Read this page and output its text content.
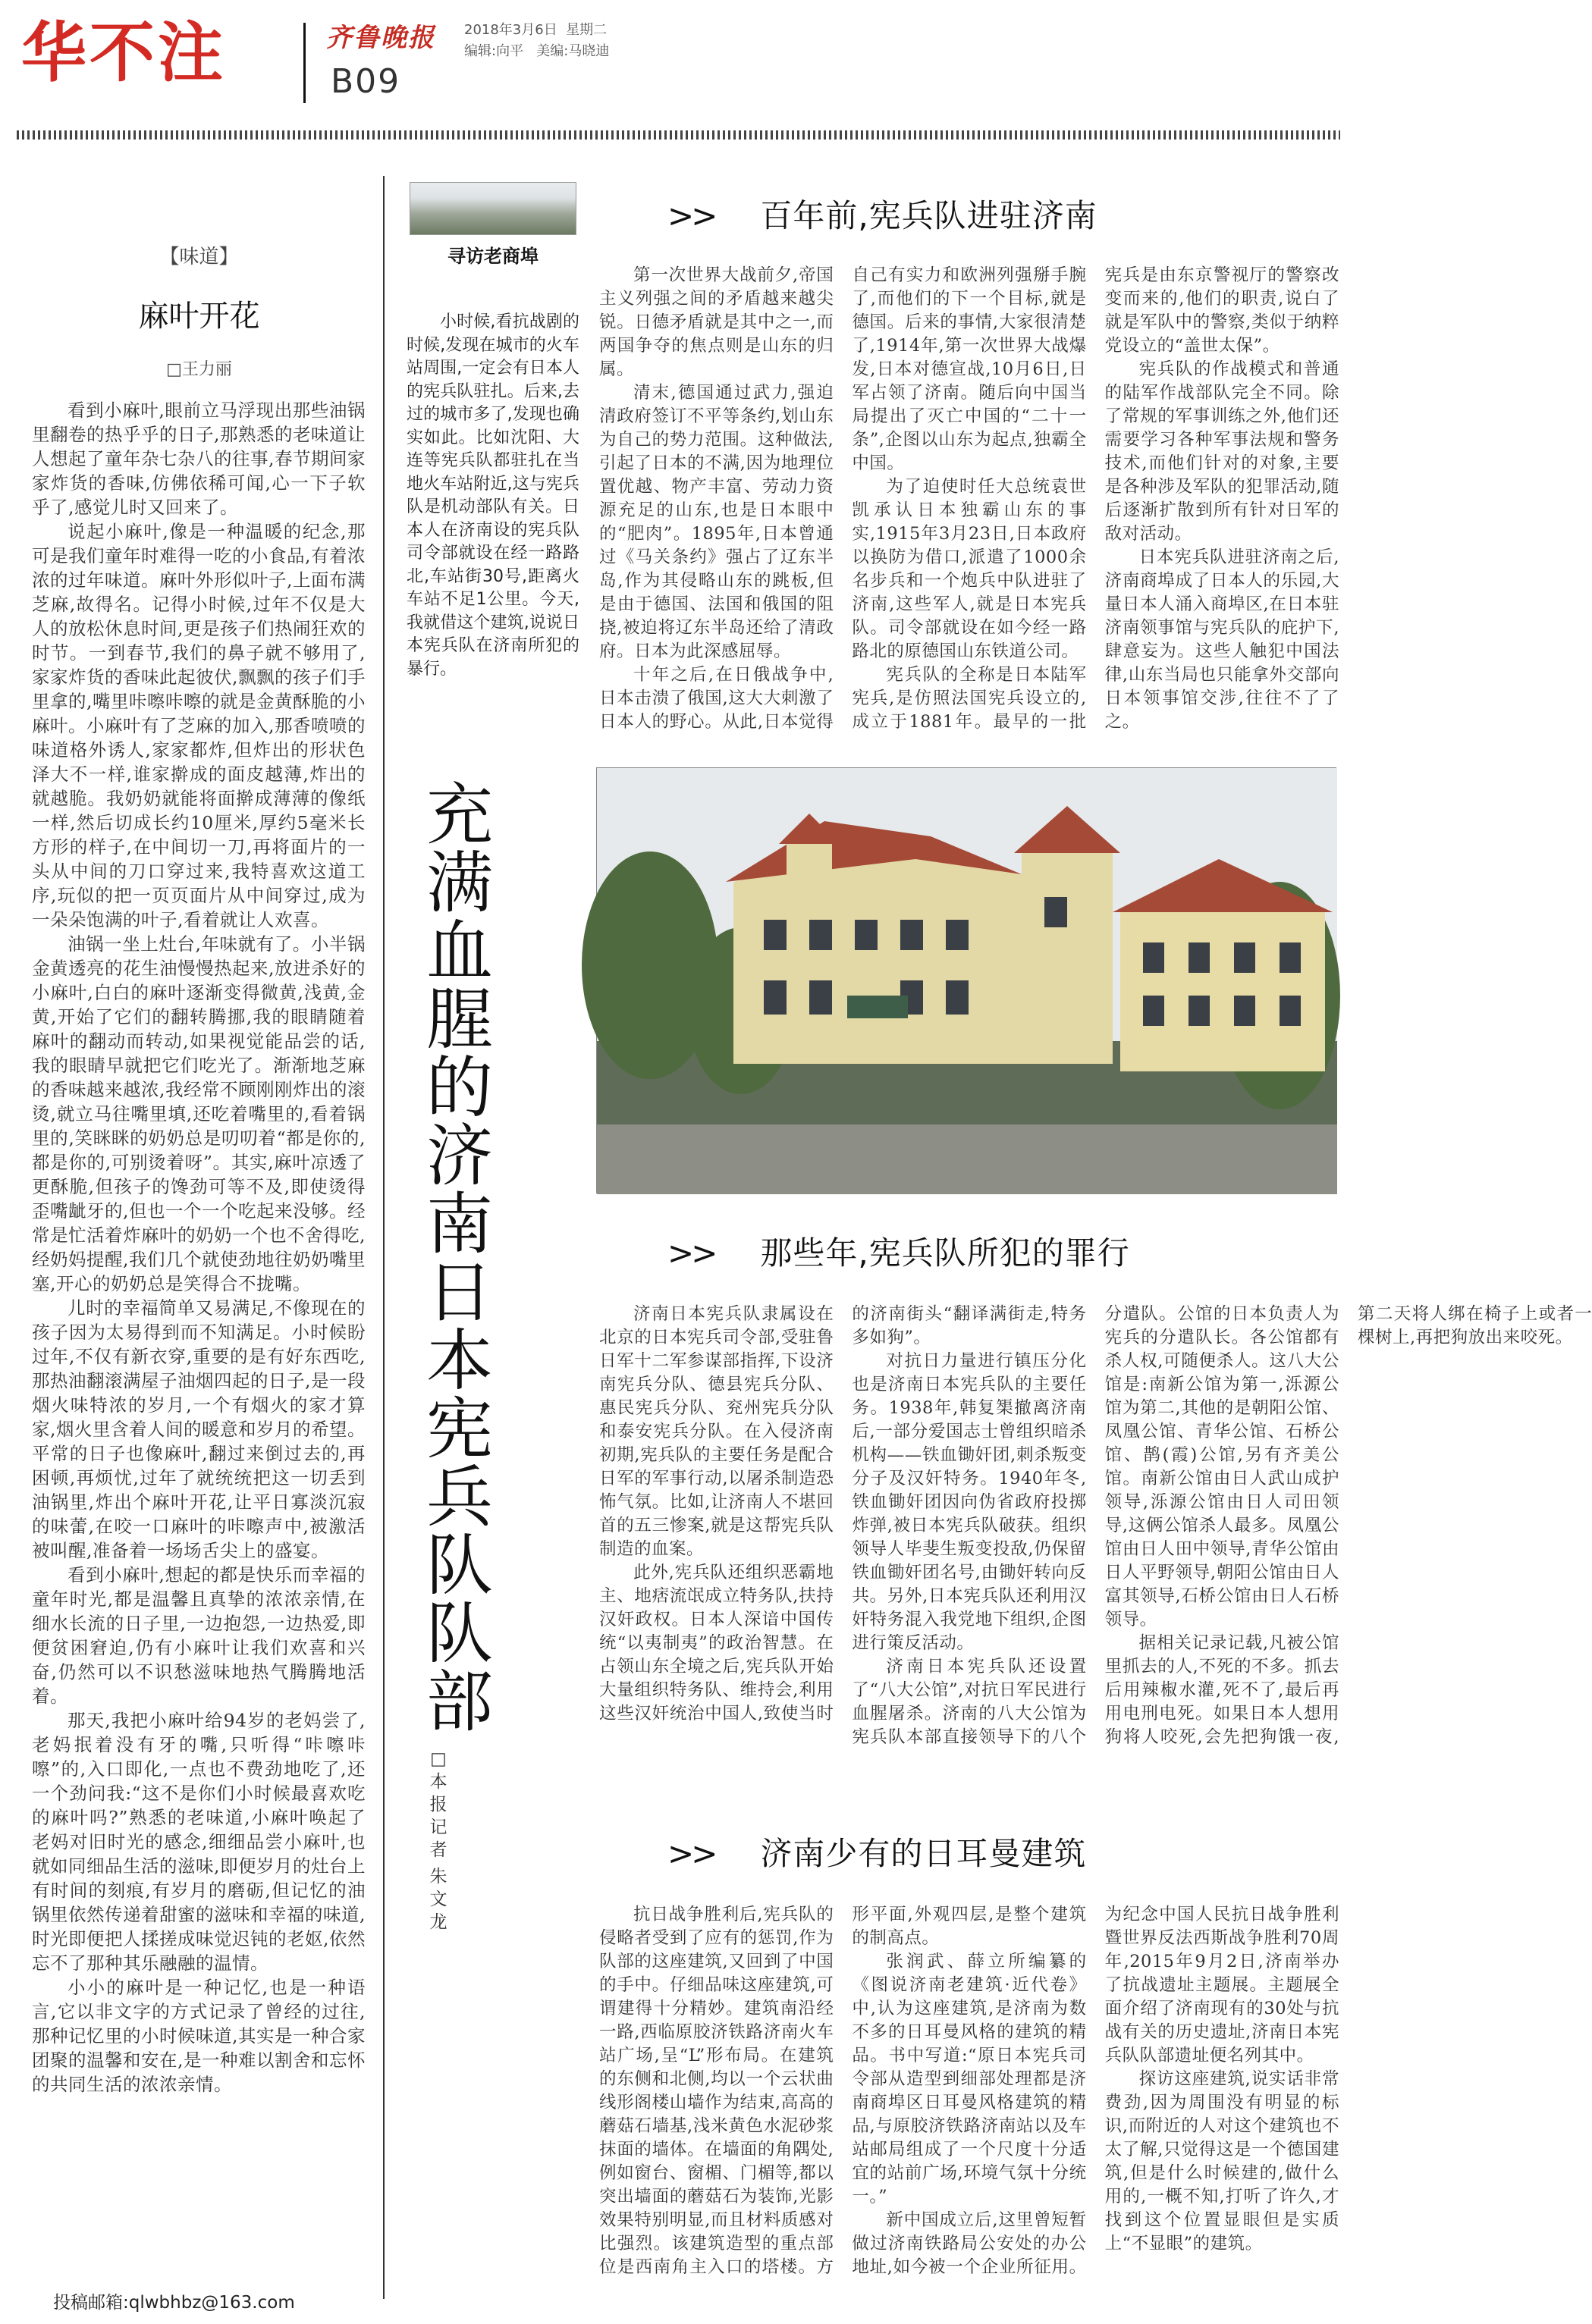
华不注	齐鲁晚报 2018年3月6日 星期二
编辑:向平 美编:马晓迪
B09
【味道】
麻叶开花
□王力丽

看到小麻叶,眼前立马浮现出那些油锅里翻卷的热乎乎的日子,那熟悉的老味道让人想起了童年杂七杂八的往事,春节期间家家炸货的香味,仿佛依稀可闻,心一下子软乎了,感觉儿时又回来了。

说起小麻叶,像是一种温暖的纪念,那可是我们童年时难得一吃的小食品,有着浓浓的过年味道。麻叶外形似叶子,上面布满芝麻,故得名。记得小时候,过年不仅是大人的放松休息时间,更是孩子们热闹狂欢的时节。一到春节,我们的鼻子就不够用了,家家炸货的香味此起彼伏,飘飘的孩子们手里拿的,嘴里咔嚓咔嚓的就是金黄酥脆的小麻叶。小麻叶有了芝麻的加入,那香喷喷的味道格外诱人,家家都炸,但炸出的形状色泽大不一样,谁家擀成的面皮越薄,炸出的就越脆。我奶奶就能将面擀成薄薄的像纸一样,然后切成长约10厘米,厚约5毫米长方形的样子,在中间切一刀,再将面片的一头从中间的刀口穿过来,我特喜欢这道工序,玩似的把一页页面片从中间穿过,成为一朵朵饱满的叶子,看着就让人欢喜。

油锅一坐上灶台,年味就有了。小半锅金黄透亮的花生油慢慢热起来,放进杀好的小麻叶,白白的麻叶逐渐变得微黄,浅黄,金黄,开始了它们的翻转腾挪,我的眼睛随着麻叶的翻动而转动,如果视觉能品尝的话,我的眼睛早就把它们吃光了。渐渐地芝麻的香味越来越浓,我经常不顾刚刚炸出的滚烫,就立马往嘴里填,还吃着嘴里的,看着锅里的,笑眯眯的奶奶总是叨叨着“都是你的,都是你的,可别烫着呀”。其实,麻叶凉透了更酥脆,但孩子的馋劲可等不及,即使烫得歪嘴龇牙的,但也一个一个吃起来没够。经常是忙活着炸麻叶的奶奶一个也不舍得吃,经奶妈提醒,我们几个就使劲地往奶奶嘴里塞,开心的奶奶总是笑得合不拢嘴。

儿时的幸福简单又易满足,不像现在的孩子因为太易得到而不知满足。小时候盼过年,不仅有新衣穿,重要的是有好东西吃,那热油翻滚满屋子油烟四起的日子,是一段烟火味特浓的岁月,一个有烟火的家才算家,烟火里含着人间的暖意和岁月的希望。平常的日子也像麻叶,翻过来倒过去的,再困顿,再烦忧,过年了就统统把这一切丢到油锅里,炸出个麻叶开花,让平日寡淡沉寂的味蕾,在咬一口麻叶的咔嚓声中,被激活被叫醒,准备着一场场舌尖上的盛宴。

看到小麻叶,想起的都是快乐而幸福的童年时光,都是温馨且真挚的浓浓亲情,在细水长流的日子里,一边抱怨,一边热爱,即便贫困窘迫,仍有小麻叶让我们欢喜和兴奋,仍然可以不识愁滋味地热气腾腾地活着。

那天,我把小麻叶给94岁的老妈尝了,老妈抿着没有牙的嘴,只听得“咔嚓咔嚓”的,入口即化,一点也不费劲地吃了,还一个劲问我:“这不是你们小时候最喜欢吃的麻叶吗?”熟悉的老味道,小麻叶唤起了老妈对旧时光的感念,细细品尝小麻叶,也就如同细品生活的滋味,即便岁月的灶台上有时间的刻痕,有岁月的磨砺,但记忆的油锅里依然传递着甜蜜的滋味和幸福的味道,时光即便把人揉搓成味觉迟钝的老妪,依然忘不了那种其乐融融的温情。

小小的麻叶是一种记忆,也是一种语言,它以非文字的方式记录了曾经的过往,那种记忆里的小时候味道,其实是一种合家团聚的温馨和安在,是一种难以割舍和忘怀的共同生活的浓浓亲情。

投稿邮箱:qlwbhbz@163.com
寻访老商埠
小时候,看抗战剧的时候,发现在城市的火车站周围,一定会有日本人的宪兵队驻扎。后来,去过的城市多了,发现也确实如此。比如沈阳、大连等宪兵队都驻扎在当地火车站附近,这与宪兵队是机动部队有关。日本人在济南设的宪兵队司令部就设在经一路路北,车站街30号,距离火车站不足1公里。今天,我就借这个建筑,说说日本宪兵队在济南所犯的暴行。
充满血腥的济南日本宪兵队队部
□本报记者
朱文龙
>> 百年前,宪兵队进驻济南

第一次世界大战前夕,帝国主义列强之间的矛盾越来越尖锐。日德矛盾就是其中之一,而两国争夺的焦点则是山东的归属。

清末,德国通过武力,强迫清政府签订不平等条约,划山东为自己的势力范围。这种做法,引起了日本的不满,因为地理位置优越、物产丰富、劳动力资源充足的山东,也是日本眼中的“肥肉”。1895年,日本曾通过《马关条约》强占了辽东半岛,作为其侵略山东的跳板,但是由于德国、法国和俄国的阻挠,被迫将辽东半岛还给了清政府。日本为此深感屈辱。

十年之后,在日俄战争中,日本击溃了俄国,这大大刺激了日本人的野心。从此,日本觉得自己有实力和欧洲列强掰手腕了,而他们的下一个目标,就是德国。后来的事情,大家很清楚了,1914年,第一次世界大战爆发,日本对德宣战,10月6日,日军占领了济南。随后向中国当局提出了灭亡中国的“二十一条”,企图以山东为起点,独霸全中国。

为了迫使时任大总统袁世凯承认日本独霸山东的事实,1915年3月23日,日本政府以换防为借口,派遣了1000余名步兵和一个炮兵中队进驻了济南,这些军人,就是日本宪兵队。司令部就设在如今经一路路北的原德国山东铁道公司。

宪兵队的全称是日本陆军宪兵,是仿照法国宪兵设立的,成立于1881年。最早的一批宪兵是由东京警视厅的警察改变而来的,他们的职责,说白了就是军队中的警察,类似于纳粹党设立的“盖世太保”。

宪兵队的作战模式和普通的陆军作战部队完全不同。除了常规的军事训练之外,他们还需要学习各种军事法规和警务技术,而他们针对的对象,主要是各种涉及军队的犯罪活动,随后逐渐扩散到所有针对日军的敌对活动。

日本宪兵队进驻济南之后,济南商埠成了日本人的乐园,大量日本人涌入商埠区,在日本驻济南领事馆与宪兵队的庇护下,肆意妄为。这些人触犯中国法律,山东当局也只能拿外交部向日本领事馆交涉,往往不了了之。

>> 那些年,宪兵队所犯的罪行

济南日本宪兵队隶属设在北京的日本宪兵司令部,受驻鲁日军十二军参谋部指挥,下设济南宪兵分队、德县宪兵分队、惠民宪兵分队、兖州宪兵分队和泰安宪兵分队。在入侵济南初期,宪兵队的主要任务是配合日军的军事行动,以屠杀制造恐怖气氛。比如,让济南人不堪回首的五三惨案,就是这帮宪兵队制造的血案。

此外,宪兵队还组织恶霸地主、地痞流氓成立特务队,扶持汉奸政权。日本人深谙中国传统“以夷制夷”的政治智慧。在占领山东全境之后,宪兵队开始大量组织特务队、维持会,利用这些汉奸统治中国人,致使当时的济南街头“翻译满街走,特务多如狗”。

对抗日力量进行镇压分化也是济南日本宪兵队的主要任务。1938年,韩复榘撤离济南后,一部分爱国志士曾组织暗杀机构——铁血锄奸团,刺杀叛变分子及汉奸特务。1940年冬,铁血锄奸团因向伪省政府投掷炸弹,被日本宪兵队破获。组织领导人毕斐生叛变投敌,仍保留铁血锄奸团名号,由锄奸转向反共。另外,日本宪兵队还利用汉奸特务混入我党地下组织,企图进行策反活动。

济南日本宪兵队还设置了“八大公馆”,对抗日军民进行血腥屠杀。济南的八大公馆为宪兵队本部直接领导下的八个分遣队。公馆的日本负责人为宪兵的分遣队长。各公馆都有杀人权,可随便杀人。这八大公馆是:南新公馆为第一,泺源公馆为第二,其他的是朝阳公馆、凤凰公馆、青华公馆、石桥公馆、鹊(霞)公馆,另有齐美公馆。南新公馆由日人武山成护领导,泺源公馆由日人司田领导,这俩公馆杀人最多。凤凰公馆由日人田中领导,青华公馆由日人平野领导,朝阳公馆由日人富其领导,石桥公馆由日人石桥领导。

据相关记录记载,凡被公馆里抓去的人,不死的不多。抓去后用辣椒水灌,死不了,最后再用电刑电死。如果日本人想用狗将人咬死,会先把狗饿一夜,第二天将人绑在椅子上或者一棵树上,再把狗放出来咬死。

>> 济南少有的日耳曼建筑

抗日战争胜利后,宪兵队的侵略者受到了应有的惩罚,作为队部的这座建筑,又回到了中国的手中。仔细品味这座建筑,可谓建得十分精妙。建筑南沿经一路,西临原胶济铁路济南火车站广场,呈“L”形布局。在建筑的东侧和北侧,均以一个云状曲线形阁楼山墙作为结束,高高的蘑菇石墙基,浅米黄色水泥砂浆抹面的墙体。在墙面的角隅处,例如窗台、窗楣、门楣等,都以突出墙面的蘑菇石为装饰,光影效果特别明显,而且材料质感对比强烈。该建筑造型的重点部位是西南角主入口的塔楼。方形平面,外观四层,是整个建筑的制高点。

张润武、薛立所编纂的《图说济南老建筑·近代卷》中,认为这座建筑,是济南为数不多的日耳曼风格的建筑的精品。书中写道:“原日本宪兵司令部从造型到细部处理都是济南商埠区日耳曼风格建筑的精品,与原胶济铁路济南站以及车站邮局组成了一个尺度十分适宜的站前广场,环境气氛十分统一。”

新中国成立后,这里曾短暂做过济南铁路局公安处的办公地址,如今被一个企业所征用。为纪念中国人民抗日战争胜利暨世界反法西斯战争胜利70周年,2015年9月2日,济南举办了抗战遗址主题展。主题展全面介绍了济南现有的30处与抗战有关的历史遗址,济南日本宪兵队队部遗址便名列其中。

探访这座建筑,说实话非常费劲,因为周围没有明显的标识,而附近的人对这个建筑也不太了解,只觉得这是一个德国建筑,但是什么时候建的,做什么用的,一概不知,打听了许久,才找到这个位置显眼但是实质上“不显眼”的建筑。
